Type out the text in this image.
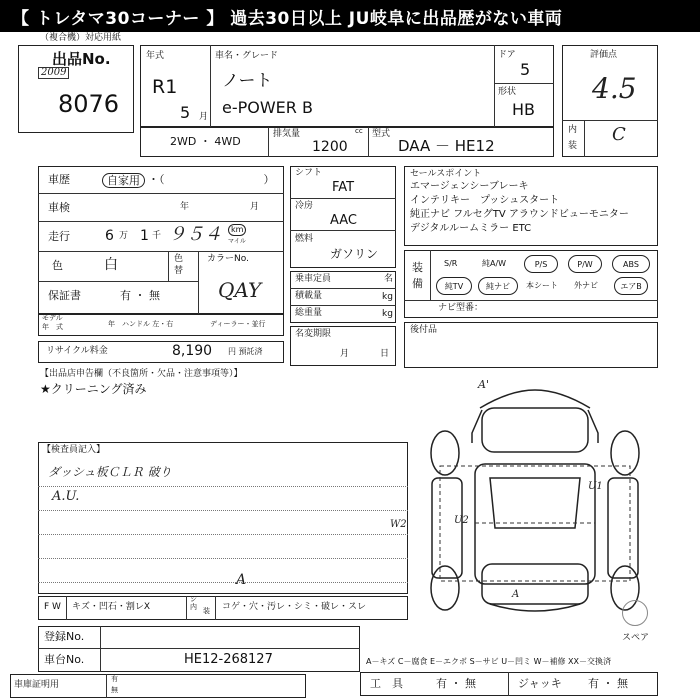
【 トレタマ30コーナー 】 過去30日以上 JU岐阜に出品歴がない車両
（複合機）対応用紙
出品No.
2009
8076
年式
R1
5 月
車名・グレード
ノート
e-POWER B
ドア
5
形状
HB
評価点
4.5
内
装
C
2WD ・ 4WD
排気量	cc
1200
型式
DAA － HE12
車歴	自家用 ・（　　　　　　　　　）
車検	年	月
走行	6 万 1 千 ９５４	km
マイル
色	白	色
替
カラーNo.
QAY
保証書	有 ・ 無
モデル
年　式	年 ハンドル 左・右	ディーラー・並行
リサイクル料金	8,190 円 預託済
シフト
FAT
冷房
AAC
燃料
ガソリン
乗車定員	名
積載量	kg
総重量	kg
名変期限
月	日
セールスポイント
エマージェンシーブレーキ
インテリキー　プッシュスタート
純正ナビ フルセグTV アラウンドビューモニター
デジタルルームミラー ETC
装
備
S/R	純A/W	P/S	P/W	ABS
純TV	純ナビ	本シート 外ナビ	エアB
ナビ型番：
後付品
【出品店申告欄（不良箇所・欠品・注意事項等）】
★クリーニング済み
【検査員記入】
ダッシュ板ＣＬＲ 破り
A.U.
F W キズ・凹石・割レX
シ
内 装 コゲ・穴・汚レ・シミ・破レ・スレ
A
A'
W2
U1
U2
A
スペア
登録No.
車台No.	HE12-268127	A－キズ C－腐食 E－エクボ S－サビ U－凹ミ W－補修 XX－交換済
車庫証明用
有
無	工　具	有 ・ 無	ジャッキ 有 ・ 無
